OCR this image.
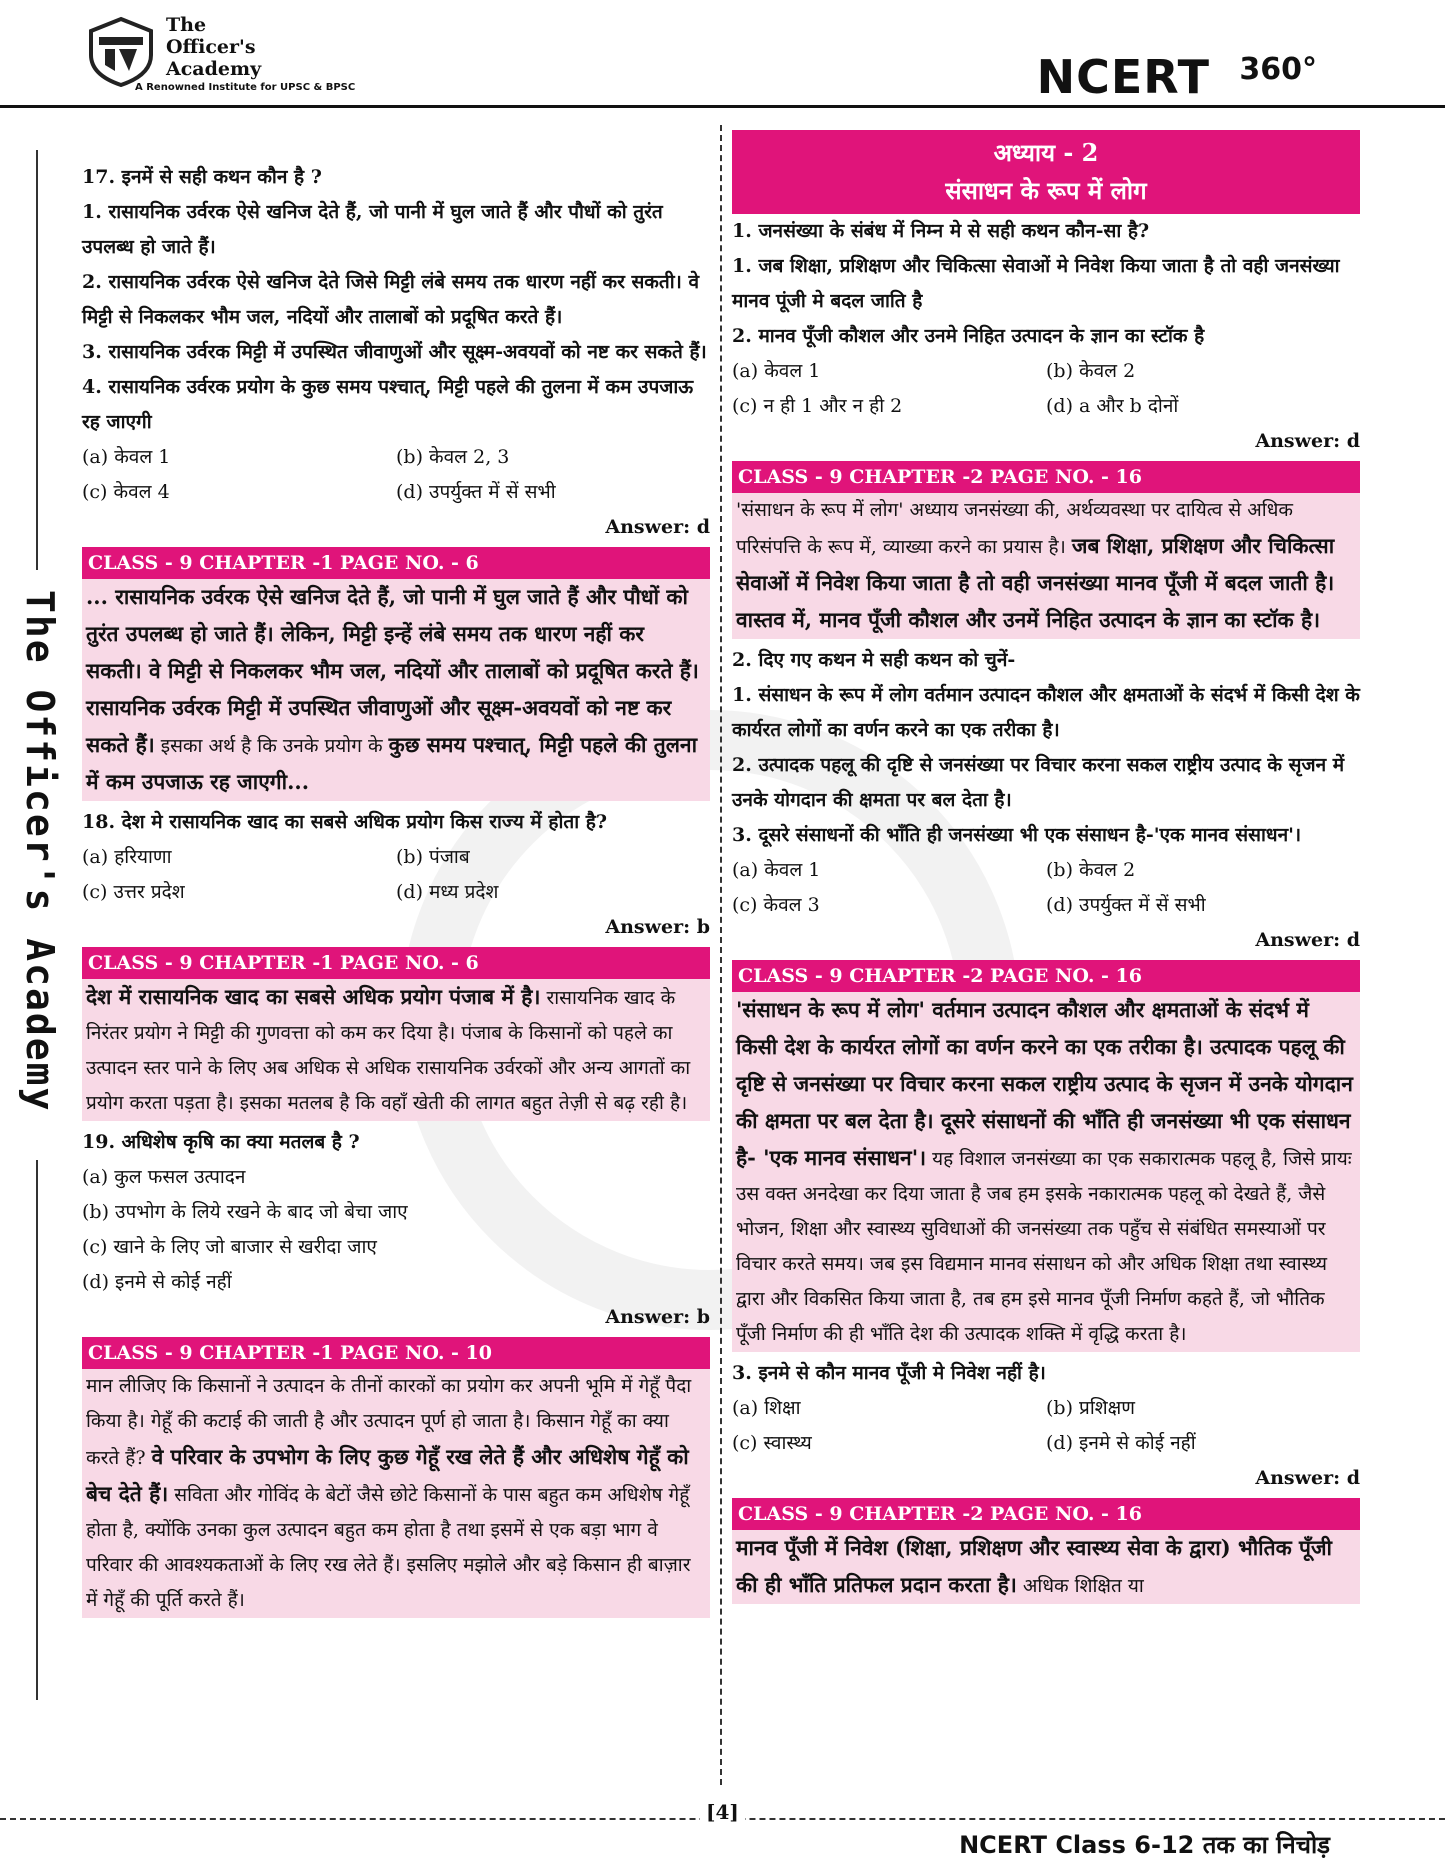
The
Officer's
Academy
A Renowned Institute for UPSC & BPSC	NCERT 360°
The Officer's Academy
17. इनमें से सही कथन कौन है ?
1. रासायनिक उर्वरक ऐसे खनिज देते हैं, जो पानी में घुल जाते हैं और पौधों को तुरंत उपलब्ध हो जाते हैं।
2. रासायनिक उर्वरक ऐसे खनिज देते जिसे मिट्टी लंबे समय तक धारण नहीं कर सकती। वे मिट्टी से निकलकर भौम जल, नदियों और तालाबों को प्रदूषित करते हैं।
3. रासायनिक उर्वरक मिट्टी में उपस्थित जीवाणुओं और सूक्ष्म-अवयवों को नष्ट कर सकते हैं।
4. रासायनिक उर्वरक प्रयोग के कुछ समय पश्चात्, मिट्टी पहले की तुलना में कम उपजाऊ रह जाएगी
(a) केवल 1	(b) केवल 2, 3
(c) केवल 4	(d) उपर्युक्त में सें सभी
Answer: d
CLASS - 9 CHAPTER -1 PAGE NO. - 6
... रासायनिक उर्वरक ऐसे खनिज देते हैं, जो पानी में घुल जाते हैं और पौधों को तुरंत उपलब्ध हो जाते हैं। लेकिन, मिट्टी इन्हें लंबे समय तक धारण नहीं कर सकती। वे मिट्टी से निकलकर भौम जल, नदियों और तालाबों को प्रदूषित करते हैं। रासायनिक उर्वरक मिट्टी में उपस्थित जीवाणुओं और सूक्ष्म-अवयवों को नष्ट कर सकते हैं। इसका अर्थ है कि उनके प्रयोग के कुछ समय पश्चात्, मिट्टी पहले की तुलना में कम उपजाऊ रह जाएगी...
18. देश मे रासायनिक खाद का सबसे अधिक प्रयोग किस राज्य में होता है?
(a) हरियाणा	(b) पंजाब
(c) उत्तर प्रदेश	(d) मध्य प्रदेश
Answer: b
CLASS - 9 CHAPTER -1 PAGE NO. - 6
देश में रासायनिक खाद का सबसे अधिक प्रयोग पंजाब में है। रासायनिक खाद के निरंतर प्रयोग ने मिट्टी की गुणवत्ता को कम कर दिया है। पंजाब के किसानों को पहले का उत्पादन स्तर पाने के लिए अब अधिक से अधिक रासायनिक उर्वरकों और अन्य आगतों का प्रयोग करता पड़ता है। इसका मतलब है कि वहाँ खेती की लागत बहुत तेज़ी से बढ़ रही है।
19. अधिशेष कृषि का क्या मतलब है ?
(a) कुल फसल उत्पादन
(b) उपभोग के लिये रखने के बाद जो बेचा जाए
(c) खाने के लिए जो बाजार से खरीदा जाए
(d) इनमे से कोई नहीं
Answer: b
CLASS - 9 CHAPTER -1 PAGE NO. - 10
मान लीजिए कि किसानों ने उत्पादन के तीनों कारकों का प्रयोग कर अपनी भूमि में गेहूँ पैदा किया है। गेहूँ की कटाई की जाती है और उत्पादन पूर्ण हो जाता है। किसान गेहूँ का क्या करते हैं? वे परिवार के उपभोग के लिए कुछ गेहूँ रख लेते हैं और अधिशेष गेहूँ को बेच देते हैं। सविता और गोविंद के बेटों जैसे छोटे किसानों के पास बहुत कम अधिशेष गेहूँ होता है, क्योंकि उनका कुल उत्पादन बहुत कम होता है तथा इसमें से एक बड़ा भाग वे परिवार की आवश्यकताओं के लिए रख लेते हैं। इसलिए मझोले और बड़े किसान ही बाज़ार में गेहूँ की पूर्ति करते हैं।
अध्याय - 2
संसाधन के रूप में लोग
1. जनसंख्या के संबंध में निम्न मे से सही कथन कौन-सा है?
1. जब शिक्षा, प्रशिक्षण और चिकित्सा सेवाओं मे निवेश किया जाता है तो वही जनसंख्या मानव पूंजी मे बदल जाति है
2. मानव पूँजी कौशल और उनमे निहित उत्पादन के ज्ञान का स्टॉक है
(a) केवल 1	(b) केवल 2
(c) न ही 1 और न ही 2	(d) a और b दोनों
Answer: d
CLASS - 9 CHAPTER -2 PAGE NO. - 16
'संसाधन के रूप में लोग' अध्याय जनसंख्या की, अर्थव्यवस्था पर दायित्व से अधिक परिसंपत्ति के रूप में, व्याख्या करने का प्रयास है। जब शिक्षा, प्रशिक्षण और चिकित्सा सेवाओं में निवेश किया जाता है तो वही जनसंख्या मानव पूँजी में बदल जाती है। वास्तव में, मानव पूँजी कौशल और उनमें निहित उत्पादन के ज्ञान का स्टॉक है।
2. दिए गए कथन मे सही कथन को चुनें-
1. संसाधन के रूप में लोग वर्तमान उत्पादन कौशल और क्षमताओं के संदर्भ में किसी देश के कार्यरत लोगों का वर्णन करने का एक तरीका है।
2. उत्पादक पहलू की दृष्टि से जनसंख्या पर विचार करना सकल राष्ट्रीय उत्पाद के सृजन में उनके योगदान की क्षमता पर बल देता है।
3. दूसरे संसाधनों की भाँति ही जनसंख्या भी एक संसाधन है-'एक मानव संसाधन'।
(a) केवल 1	(b) केवल 2
(c) केवल 3	(d) उपर्युक्त में सें सभी
Answer: d
CLASS - 9 CHAPTER -2 PAGE NO. - 16
'संसाधन के रूप में लोग' वर्तमान उत्पादन कौशल और क्षमताओं के संदर्भ में किसी देश के कार्यरत लोगों का वर्णन करने का एक तरीका है। उत्पादक पहलू की दृष्टि से जनसंख्या पर विचार करना सकल राष्ट्रीय उत्पाद के सृजन में उनके योगदान की क्षमता पर बल देता है। दूसरे संसाधनों की भाँति ही जनसंख्या भी एक संसाधन है- 'एक मानव संसाधन'। यह विशाल जनसंख्या का एक सकारात्मक पहलू है, जिसे प्रायः उस वक्त अनदेखा कर दिया जाता है जब हम इसके नकारात्मक पहलू को देखते हैं, जैसे भोजन, शिक्षा और स्वास्थ्य सुविधाओं की जनसंख्या तक पहुँच से संबंधित समस्याओं पर विचार करते समय। जब इस विद्यमान मानव संसाधन को और अधिक शिक्षा तथा स्वास्थ्य द्वारा और विकसित किया जाता है, तब हम इसे मानव पूँजी निर्माण कहते हैं, जो भौतिक पूँजी निर्माण की ही भाँति देश की उत्पादक शक्ति में वृद्धि करता है।
3. इनमे से कौन मानव पूँजी मे निवेश नहीं है।
(a) शिक्षा	(b) प्रशिक्षण
(c) स्वास्थ्य	(d) इनमे से कोई नहीं
Answer: d
CLASS - 9 CHAPTER -2 PAGE NO. - 16
मानव पूँजी में निवेश (शिक्षा, प्रशिक्षण और स्वास्थ्य सेवा के द्वारा) भौतिक पूँजी की ही भाँति प्रतिफल प्रदान करता है। अधिक शिक्षित या
[4]
NCERT Class 6-12 तक का निचोड़
